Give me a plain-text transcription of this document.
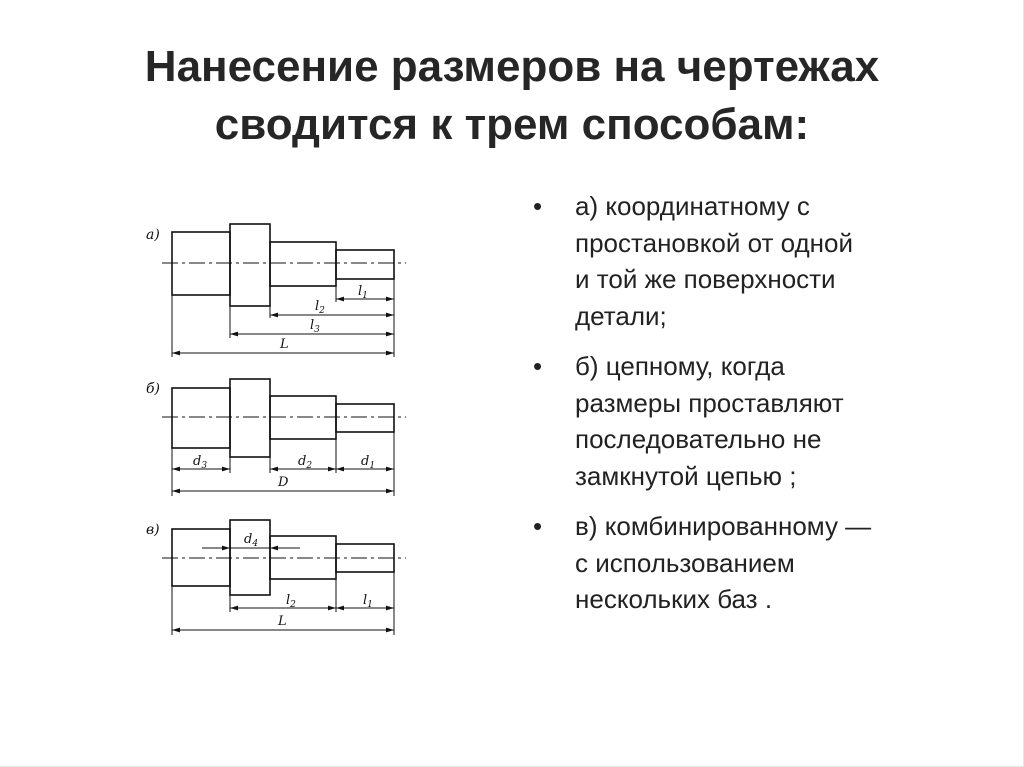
Нанесение размеров на чертежах
сводится к трем способам:
а)
б)
в)
$l_1$
$l_2$
$l_3$
L
$d_3$	$d_2$	$d_1$
D
$d_4$
$l_2$	$l_1$
L
• а) координатному с
простановкой от одной
и той же поверхности
детали;
• б) цепному, когда
размеры проставляют
последовательно не
замкнутой цепью ;
• в) комбинированному —
с использованием
нескольких баз .
